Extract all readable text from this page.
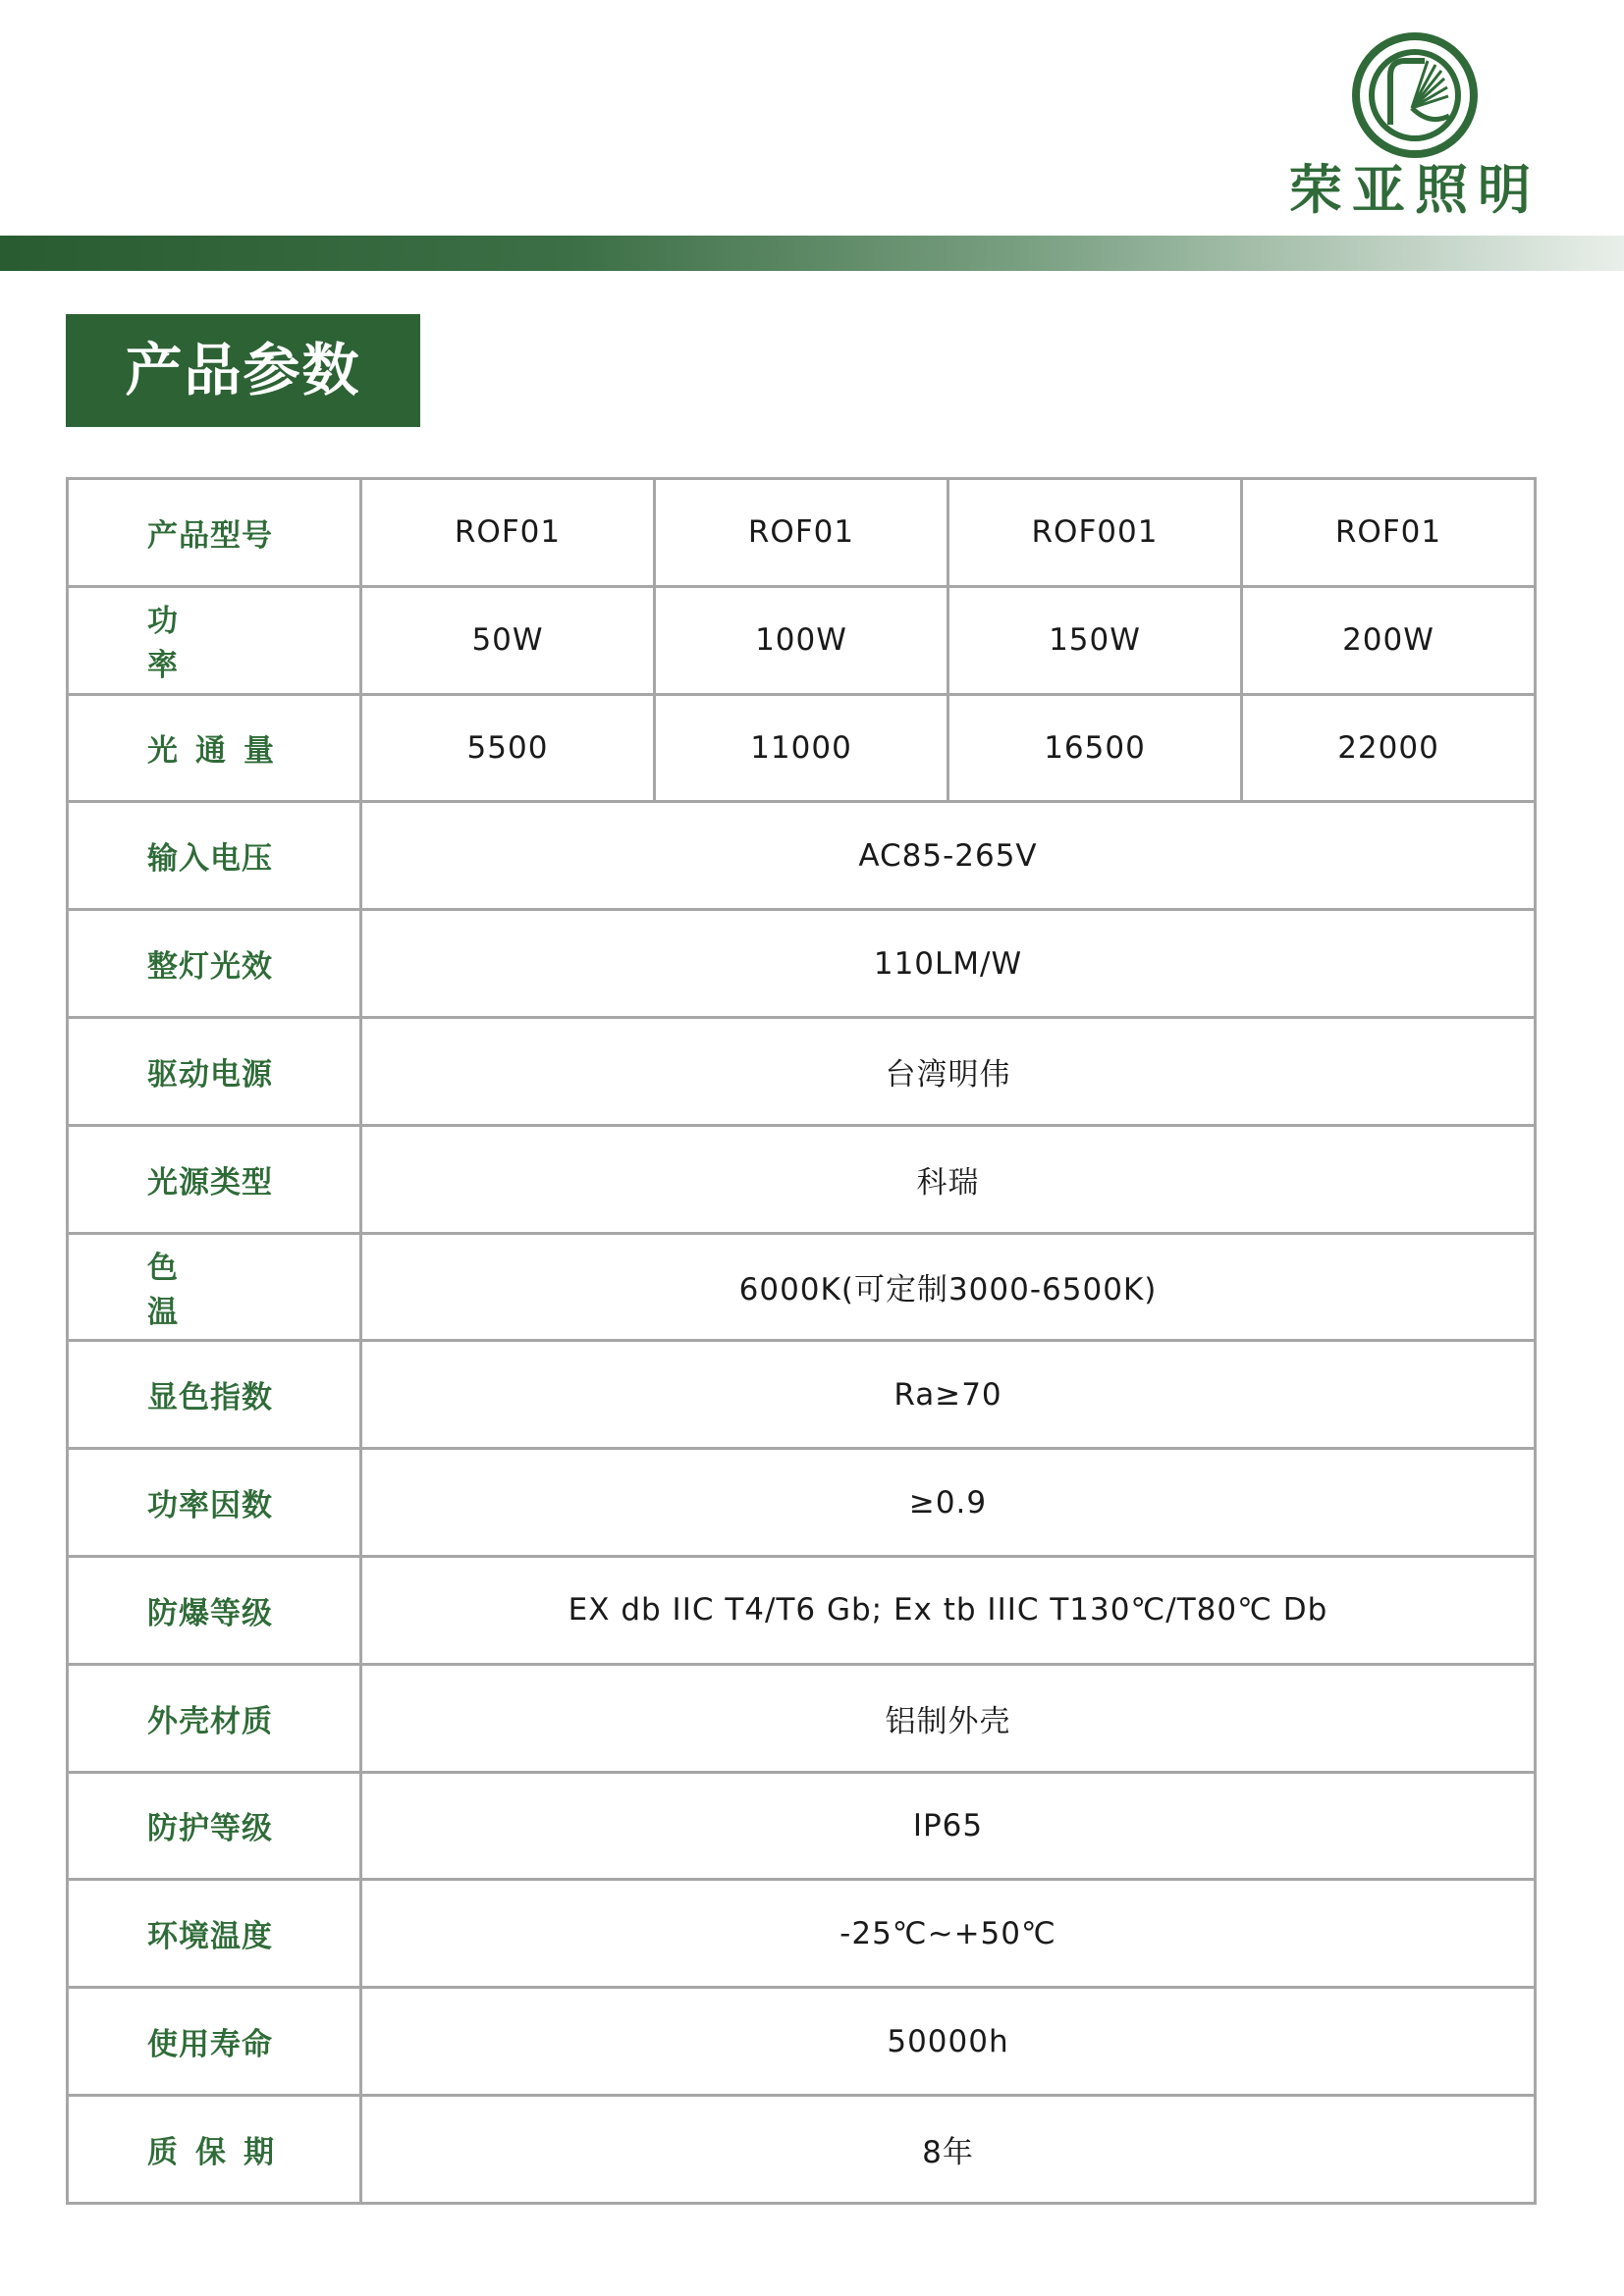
荣亚照明
产品参数
产品型号	ROF01	ROF01	ROF001	ROF01
功 率	50W	100W	150W	200W
光通量	5500	11000	16500	22000
输入电压	AC85-265V			
整灯光效	110LM/W			
驱动电源	台湾明伟			
光源类型	科瑞			
色 温	6000K(可定制3000-6500K)			
显色指数	Ra≥70			
功率因数	≥0.9			
防爆等级	EX db IIC T4/T6 Gb; Ex tb IIIC T130℃/T80℃ Db			
外壳材质	铝制外壳			
防护等级	IP65			
环境温度	-25℃~+50℃			
使用寿命	50000h			
质保期	8年			
